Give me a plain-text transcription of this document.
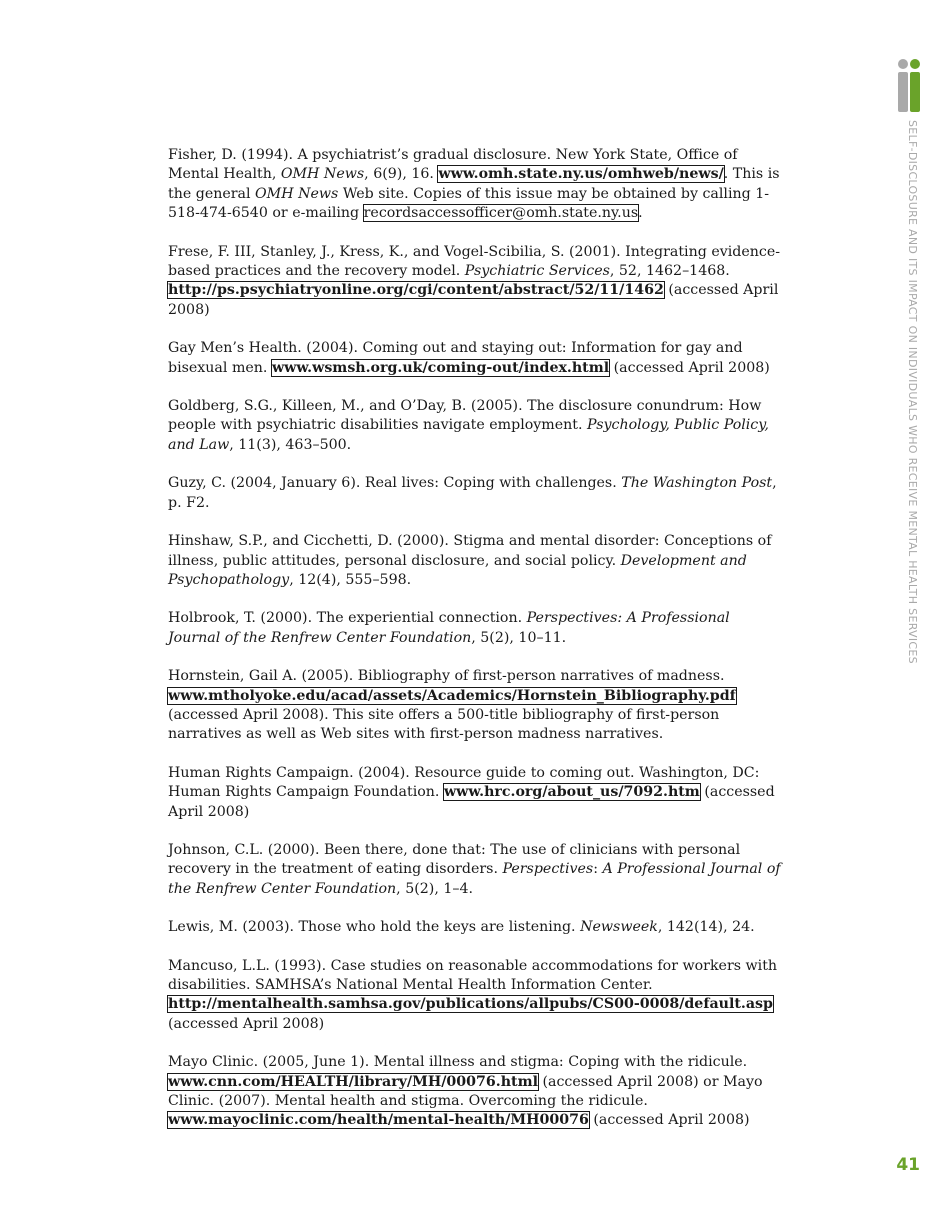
SELF-DISCLOSURE AND ITS IMPACT ON INDIVIDUALS WHO RECEIVE MENTAL HEALTH SERVICES

Fisher, D. (1994). A psychiatrist’s gradual disclosure. New York State, Office of Mental Health, OMH News, 6(9), 16. www.omh.state.ny.us/omhweb/news/. This is the general OMH News Web site. Copies of this issue may be obtained by calling 1-518-474-6540 or e-mailing recordsaccessofficer@omh.state.ny.us.

Frese, F. III, Stanley, J., Kress, K., and Vogel-Scibilia, S. (2001). Integrating evidence-based practices and the recovery model. Psychiatric Services, 52, 1462–1468. http://ps.psychiatryonline.org/cgi/content/abstract/52/11/1462 (accessed April 2008)

Gay Men’s Health. (2004). Coming out and staying out: Information for gay and bisexual men. www.wsmsh.org.uk/coming-out/index.html (accessed April 2008)

Goldberg, S.G., Killeen, M., and O’Day, B. (2005). The disclosure conundrum: How people with psychiatric disabilities navigate employment. Psychology, Public Policy, and Law, 11(3), 463–500.

Guzy, C. (2004, January 6). Real lives: Coping with challenges. The Washington Post, p. F2.

Hinshaw, S.P., and Cicchetti, D. (2000). Stigma and mental disorder: Conceptions of illness, public attitudes, personal disclosure, and social policy. Development and Psychopathology, 12(4), 555–598.

Holbrook, T. (2000). The experiential connection. Perspectives: A Professional Journal of the Renfrew Center Foundation, 5(2), 10–11.

Hornstein, Gail A. (2005). Bibliography of first-person narratives of madness. www.mtholyoke.edu/acad/assets/Academics/Hornstein_Bibliography.pdf (accessed April 2008). This site offers a 500-title bibliography of first-person narratives as well as Web sites with first-person madness narratives.

Human Rights Campaign. (2004). Resource guide to coming out. Washington, DC: Human Rights Campaign Foundation. www.hrc.org/about_us/7092.htm (accessed April 2008)

Johnson, C.L. (2000). Been there, done that: The use of clinicians with personal recovery in the treatment of eating disorders. Perspectives: A Professional Journal of the Renfrew Center Foundation, 5(2), 1–4.

Lewis, M. (2003). Those who hold the keys are listening. Newsweek, 142(14), 24.

Mancuso, L.L. (1993). Case studies on reasonable accommodations for workers with disabilities. SAMHSA’s National Mental Health Information Center. http://mentalhealth.samhsa.gov/publications/allpubs/CS00-0008/default.asp (accessed April 2008)

Mayo Clinic. (2005, June 1). Mental illness and stigma: Coping with the ridicule. www.cnn.com/HEALTH/library/MH/00076.html (accessed April 2008) or Mayo Clinic. (2007). Mental health and stigma. Overcoming the ridicule. www.mayoclinic.com/health/mental-health/MH00076 (accessed April 2008)

41
